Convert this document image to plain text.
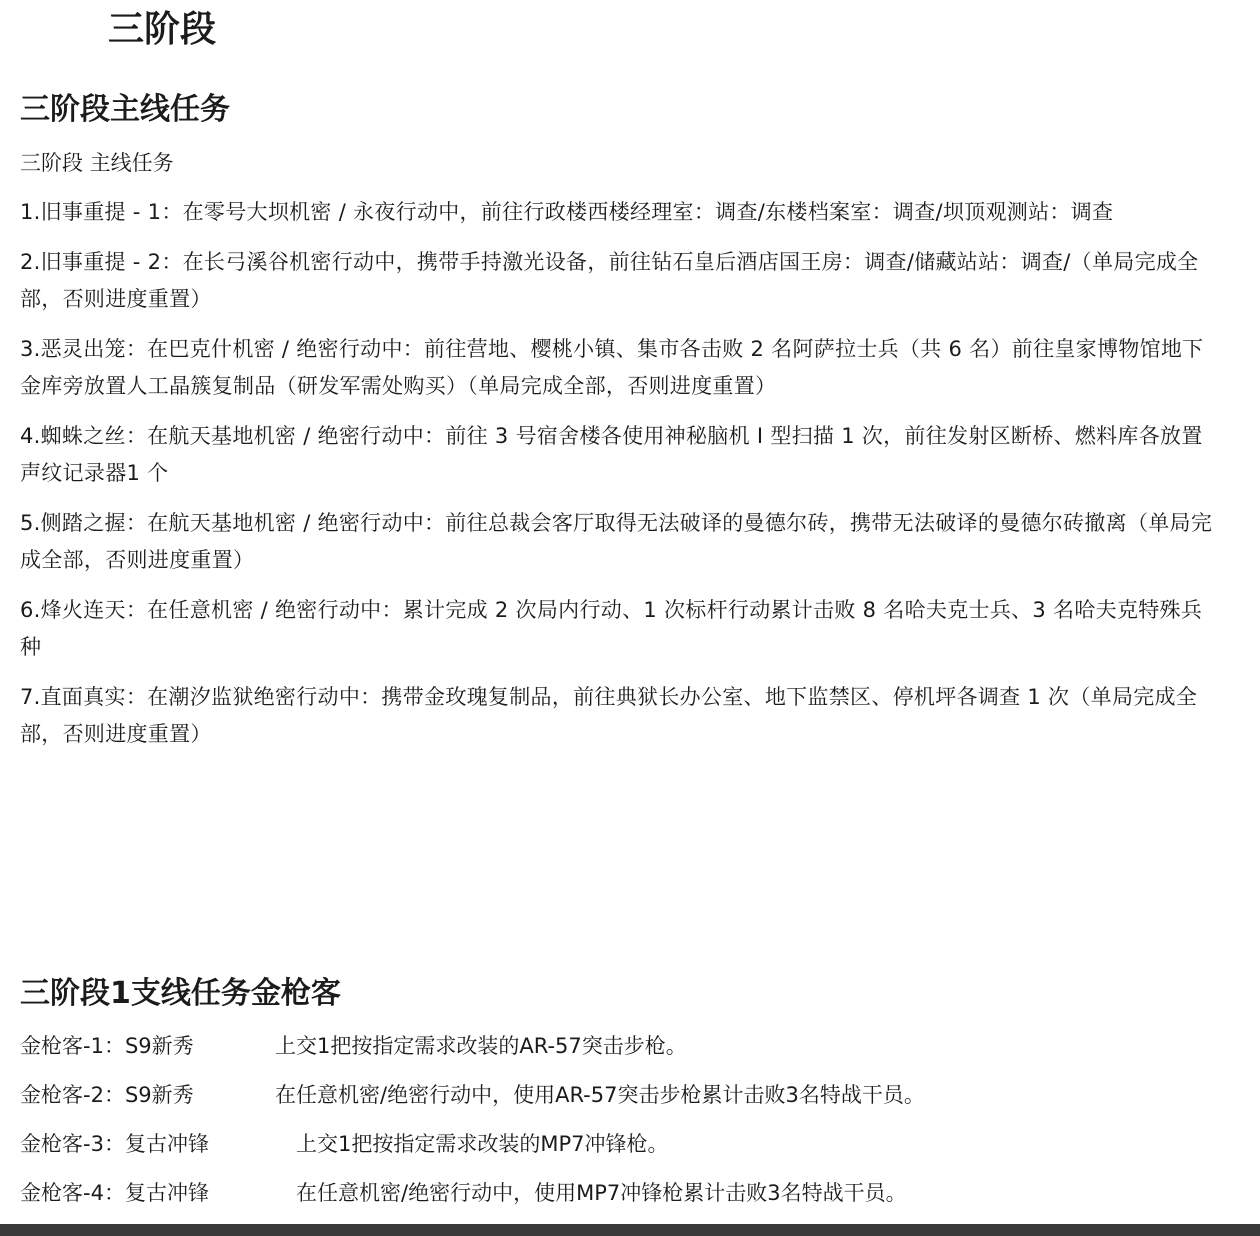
三阶段
三阶段主线任务

三阶段 主线任务

1.旧事重提 - 1：在零号大坝机密 / 永夜行动中，前往行政楼西楼经理室：调查/东楼档案室：调查/坝顶观测站：调查
2.旧事重提 - 2：在长弓溪谷机密行动中，携带手持激光设备，前往钻石皇后酒店国王房：调查/储藏站站：调查/（单局完成全部，否则进度重置）
3.恶灵出笼：在巴克什机密 / 绝密行动中：前往营地、樱桃小镇、集市各击败 2 名阿萨拉士兵（共 6 名）前往皇家博物馆地下金库旁放置人工晶簇复制品（研发军需处购买）（单局完成全部，否则进度重置）
4.蜘蛛之丝：在航天基地机密 / 绝密行动中：前往 3 号宿舍楼各使用神秘脑机 I 型扫描 1 次，前往发射区断桥、燃料库各放置声纹记录器1 个
5.侧踏之握：在航天基地机密 / 绝密行动中：前往总裁会客厅取得无法破译的曼德尔砖，携带无法破译的曼德尔砖撤离（单局完成全部，否则进度重置）
6.烽火连天：在任意机密 / 绝密行动中：累计完成 2 次局内行动、1 次标杆行动累计击败 8 名哈夫克士兵、3 名哈夫克特殊兵种
7.直面真实：在潮汐监狱绝密行动中：携带金玫瑰复制品，前往典狱长办公室、地下监禁区、停机坪各调查 1 次（单局完成全部，否则进度重置）
三阶段1支线任务金枪客
金枪客-1：S9新秀	上交1把按指定需求改装的AR-57突击步枪。
金枪客-2：S9新秀	在任意机密/绝密行动中，使用AR-57突击步枪累计击败3名特战干员。
金枪客-3：复古冲锋	上交1把按指定需求改装的MP7冲锋枪。
金枪客-4：复古冲锋	在任意机密/绝密行动中，使用MP7冲锋枪累计击败3名特战干员。
